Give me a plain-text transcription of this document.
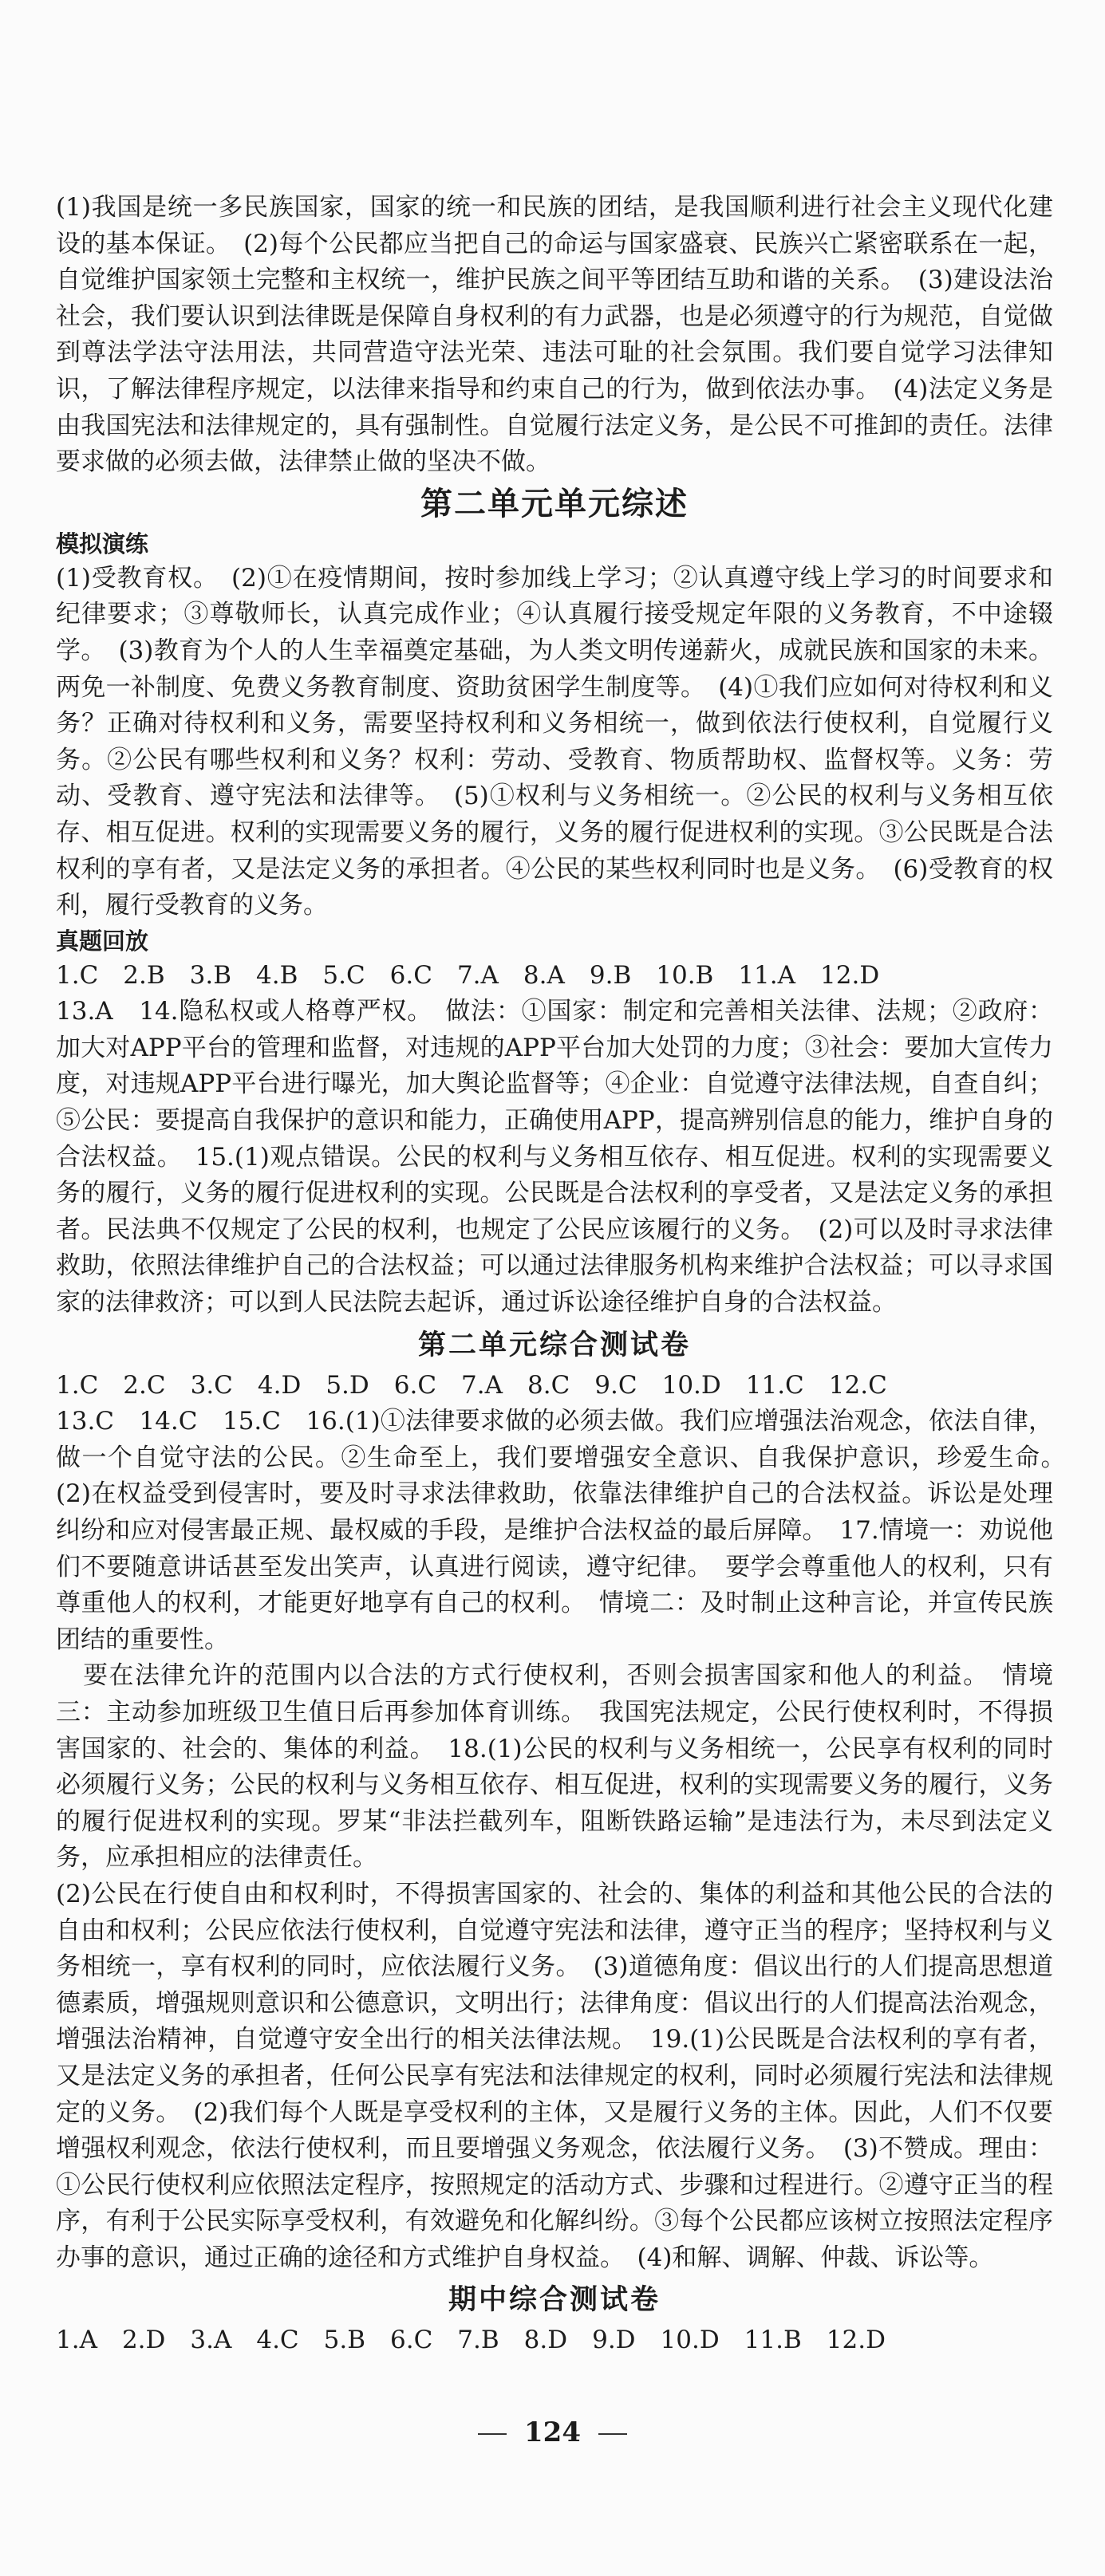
(1)我国是统一多民族国家，国家的统一和民族的团结，是我国顺利进行社会主义现代化建设的基本保证。　(2)每个公民都应当把自己的命运与国家盛衰、民族兴亡紧密联系在一起，自觉维护国家领土完整和主权统一，维护民族之间平等团结互助和谐的关系。　(3)建设法治社会，我们要认识到法律既是保障自身权利的有力武器，也是必须遵守的行为规范，自觉做到尊法学法守法用法，共同营造守法光荣、违法可耻的社会氛围。我们要自觉学习法律知识，了解法律程序规定，以法律来指导和约束自己的行为，做到依法办事。　(4)法定义务是由我国宪法和法律规定的，具有强制性。自觉履行法定义务，是公民不可推卸的责任。法律要求做的必须去做，法律禁止做的坚决不做。

第二单元单元综述

模拟演练

(1)受教育权。　(2)①在疫情期间，按时参加线上学习；②认真遵守线上学习的时间要求和纪律要求；③尊敬师长，认真完成作业；④认真履行接受规定年限的义务教育，不中途辍学。　(3)教育为个人的人生幸福奠定基础，为人类文明传递薪火，成就民族和国家的未来。两免一补制度、免费义务教育制度、资助贫困学生制度等。　(4)①我们应如何对待权利和义务？正确对待权利和义务，需要坚持权利和义务相统一，做到依法行使权利，自觉履行义务。②公民有哪些权利和义务？权利：劳动、受教育、物质帮助权、监督权等。义务：劳动、受教育、遵守宪法和法律等。　(5)①权利与义务相统一。②公民的权利与义务相互依存、相互促进。权利的实现需要义务的履行，义务的履行促进权利的实现。③公民既是合法权利的享有者，又是法定义务的承担者。④公民的某些权利同时也是义务。　(6)受教育的权利，履行受教育的义务。

真题回放

1.C　2.B　3.B　4.B　5.C　6.C　7.A　8.A　9.B　10.B　11.A　12.D

13.A　14.隐私权或人格尊严权。　做法：①国家：制定和完善相关法律、法规；②政府：加大对APP平台的管理和监督，对违规的APP平台加大处罚的力度；③社会：要加大宣传力度，对违规APP平台进行曝光，加大舆论监督等；④企业：自觉遵守法律法规，自查自纠；⑤公民：要提高自我保护的意识和能力，正确使用APP，提高辨别信息的能力，维护自身的合法权益。　15.(1)观点错误。公民的权利与义务相互依存、相互促进。权利的实现需要义务的履行，义务的履行促进权利的实现。公民既是合法权利的享受者，又是法定义务的承担者。民法典不仅规定了公民的权利，也规定了公民应该履行的义务。　(2)可以及时寻求法律救助，依照法律维护自己的合法权益；可以通过法律服务机构来维护合法权益；可以寻求国家的法律救济；可以到人民法院去起诉，通过诉讼途径维护自身的合法权益。

第二单元综合测试卷

1.C　2.C　3.C　4.D　5.D　6.C　7.A　8.C　9.C　10.D　11.C　12.C

13.C　14.C　15.C　16.(1)①法律要求做的必须去做。我们应增强法治观念，依法自律，做一个自觉守法的公民。②生命至上，我们要增强安全意识、自我保护意识，珍爱生命。　(2)在权益受到侵害时，要及时寻求法律救助，依靠法律维护自己的合法权益。诉讼是处理纠纷和应对侵害最正规、最权威的手段，是维护合法权益的最后屏障。　17.情境一：劝说他们不要随意讲话甚至发出笑声，认真进行阅读，遵守纪律。　要学会尊重他人的权利，只有尊重他人的权利，才能更好地享有自己的权利。　情境二：及时制止这种言论，并宣传民族团结的重要性。

要在法律允许的范围内以合法的方式行使权利，否则会损害国家和他人的利益。　情境三：主动参加班级卫生值日后再参加体育训练。　我国宪法规定，公民行使权利时，不得损害国家的、社会的、集体的利益。　18.(1)公民的权利与义务相统一，公民享有权利的同时必须履行义务；公民的权利与义务相互依存、相互促进，权利的实现需要义务的履行，义务的履行促进权利的实现。罗某“非法拦截列车，阻断铁路运输”是违法行为，未尽到法定义务，应承担相应的法律责任。

(2)公民在行使自由和权利时，不得损害国家的、社会的、集体的利益和其他公民的合法的自由和权利；公民应依法行使权利，自觉遵守宪法和法律，遵守正当的程序；坚持权利与义务相统一，享有权利的同时，应依法履行义务。　(3)道德角度：倡议出行的人们提高思想道德素质，增强规则意识和公德意识，文明出行；法律角度：倡议出行的人们提高法治观念，增强法治精神，自觉遵守安全出行的相关法律法规。　19.(1)公民既是合法权利的享有者，又是法定义务的承担者，任何公民享有宪法和法律规定的权利，同时必须履行宪法和法律规定的义务。　(2)我们每个人既是享受权利的主体，又是履行义务的主体。因此，人们不仅要增强权利观念，依法行使权利，而且要增强义务观念，依法履行义务。　(3)不赞成。理由：①公民行使权利应依照法定程序，按照规定的活动方式、步骤和过程进行。②遵守正当的程序，有利于公民实际享受权利，有效避免和化解纠纷。③每个公民都应该树立按照法定程序办事的意识，通过正确的途径和方式维护自身权益。　(4)和解、调解、仲裁、诉讼等。

期中综合测试卷

1.A　2.D　3.A　4.C　5.B　6.C　7.B　8.D　9.D　10.D　11.B　12.D

124
